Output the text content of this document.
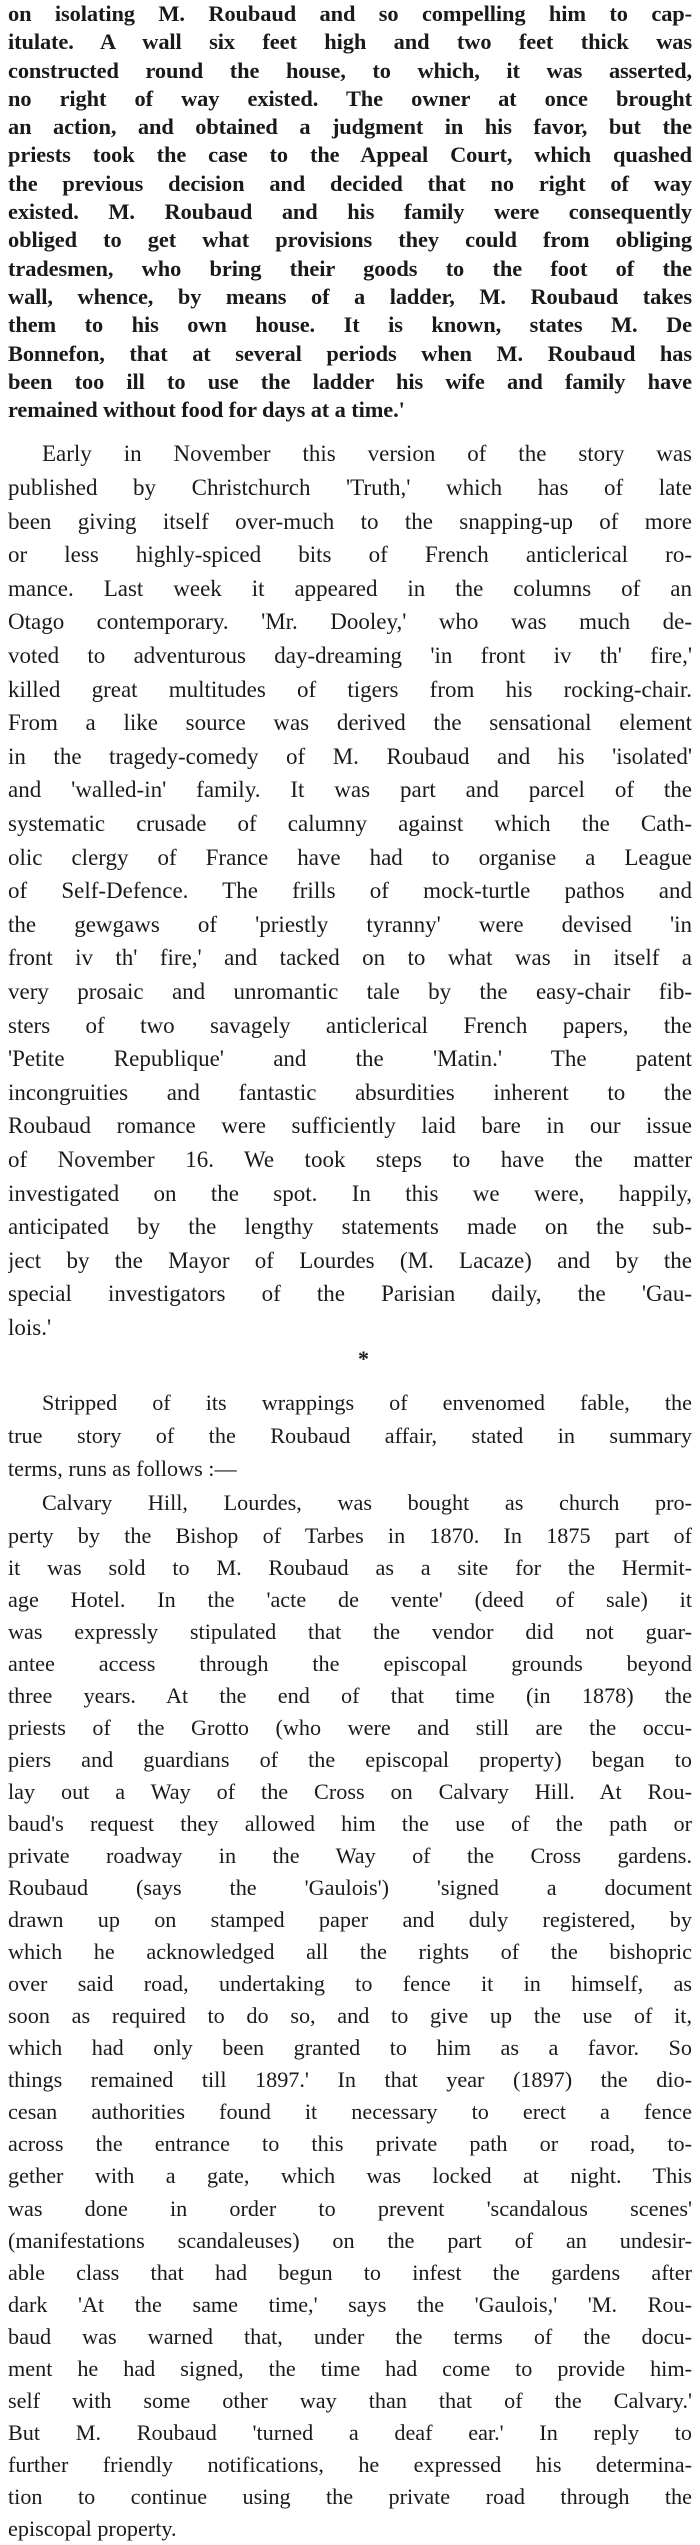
on isolating M. Roubaud and so compelling him to cap-
itulate. A wall six feet high and two feet thick was
constructed round the house, to which, it was asserted,
no right of way existed. The owner at once brought
an action, and obtained a judgment in his favor, but the
priests took the case to the Appeal Court, which quashed
the previous decision and decided that no right of way
existed. M. Roubaud and his family were consequently
obliged to get what provisions they could from obliging
tradesmen, who bring their goods to the foot of the
wall, whence, by means of a ladder, M. Roubaud takes
them to his own house. It is known, states M. De
Bonnefon, that at several periods when M. Roubaud has
been too ill to use the ladder his wife and family have
remained without food for days at a time.'
Early in November this version of the story was
published by Christchurch 'Truth,' which has of late
been giving itself over-much to the snapping-up of more
or less highly-spiced bits of French anticlerical ro-
mance. Last week it appeared in the columns of an
Otago contemporary. 'Mr. Dooley,' who was much de-
voted to adventurous day-dreaming 'in front iv th' fire,'
killed great multitudes of tigers from his rocking-chair.
From a like source was derived the sensational element
in the tragedy-comedy of M. Roubaud and his 'isolated'
and 'walled-in' family. It was part and parcel of the
systematic crusade of calumny against which the Cath-
olic clergy of France have had to organise a League
of Self-Defence. The frills of mock-turtle pathos and
the gewgaws of 'priestly tyranny' were devised 'in
front iv th' fire,' and tacked on to what was in itself a
very prosaic and unromantic tale by the easy-chair fib-
sters of two savagely anticlerical French papers, the
'Petite Republique' and the 'Matin.' The patent
incongruities and fantastic absurdities inherent to the
Roubaud romance were sufficiently laid bare in our issue
of November 16. We took steps to have the matter
investigated on the spot. In this we were, happily,
anticipated by the lengthy statements made on the sub-
ject by the Mayor of Lourdes (M. Lacaze) and by the
special investigators of the Parisian daily, the 'Gau-
lois.'
*
Stripped of its wrappings of envenomed fable, the
true story of the Roubaud affair, stated in summary
terms, runs as follows :—
Calvary Hill, Lourdes, was bought as church pro-
perty by the Bishop of Tarbes in 1870. In 1875 part of
it was sold to M. Roubaud as a site for the Hermit-
age Hotel. In the 'acte de vente' (deed of sale) it
was expressly stipulated that the vendor did not guar-
antee access through the episcopal grounds beyond
three years. At the end of that time (in 1878) the
priests of the Grotto (who were and still are the occu-
piers and guardians of the episcopal property) began to
lay out a Way of the Cross on Calvary Hill. At Rou-
baud's request they allowed him the use of the path or
private roadway in the Way of the Cross gardens.
Roubaud (says the 'Gaulois') 'signed a document
drawn up on stamped paper and duly registered, by
which he acknowledged all the rights of the bishopric
over said road, undertaking to fence it in himself, as
soon as required to do so, and to give up the use of it,
which had only been granted to him as a favor. So
things remained till 1897.' In that year (1897) the dio-
cesan authorities found it necessary to erect a fence
across the entrance to this private path or road, to-
gether with a gate, which was locked at night. This
was done in order to prevent 'scandalous scenes'
(manifestations scandaleuses) on the part of an undesir-
able class that had begun to infest the gardens after
dark 'At the same time,' says the 'Gaulois,' 'M. Rou-
baud was warned that, under the terms of the docu-
ment he had signed, the time had come to provide him-
self with some other way than that of the Calvary.'
But M. Roubaud 'turned a deaf ear.' In reply to
further friendly notifications, he expressed his determina-
tion to continue using the private road through the
episcopal property.
